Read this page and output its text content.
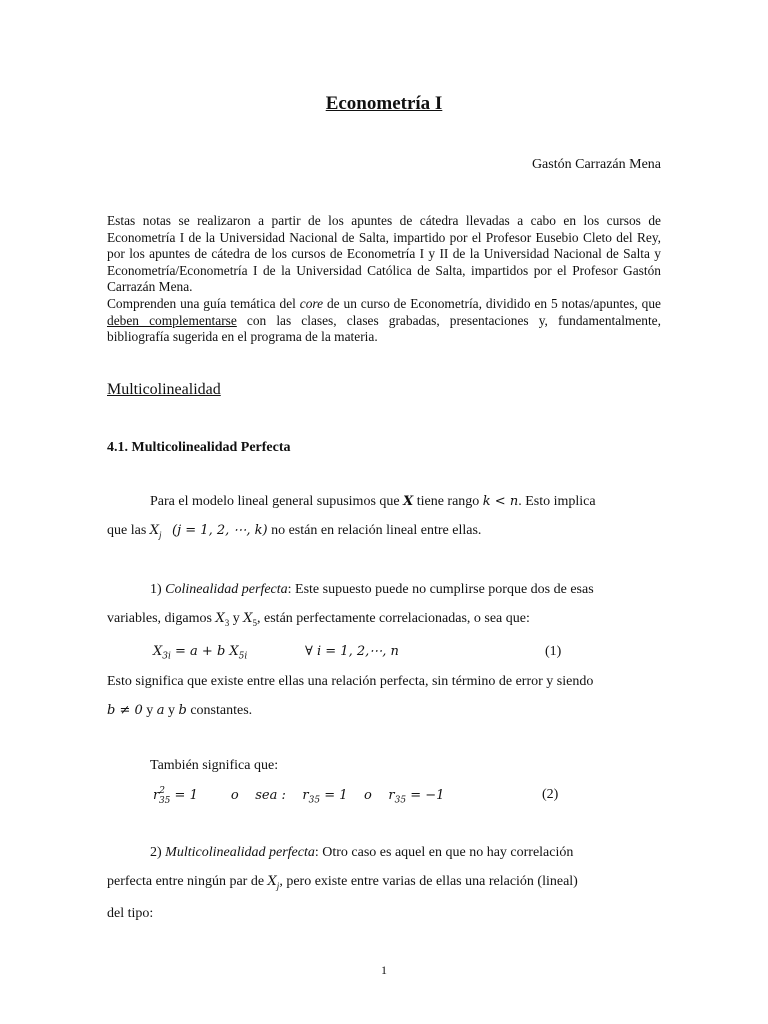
Econometría I
Gastón Carrazán Mena

Estas notas se realizaron a partir de los apuntes de cátedra llevadas a cabo en los cursos de Econometría I de la Universidad Nacional de Salta, impartido por el Profesor Eusebio Cleto del Rey, por los apuntes de cátedra de los cursos de Econometría I y II de la Universidad Nacional de Salta y Econometría/Econometría I de la Universidad Católica de Salta, impartidos por el Profesor Gastón Carrazán Mena.

Comprenden una guía temática del core de un curso de Econometría, dividido en 5 notas/apuntes, que deben complementarse con las clases, clases grabadas, presentaciones y, fundamentalmente, bibliografía sugerida en el programa de la materia.

Multicolinealidad
4.1. Multicolinealidad Perfecta
Para el modelo lineal general supusimos que X tiene rango k < n. Esto implica
que las $X_j$ (j = 1, 2, ⋯, k) no están en relación lineal entre ellas.
1) Colinealidad perfecta: Este supuesto puede no cumplirse porque dos de esas
variables, digamos $X_3$ y $X_5$, están perfectamente correlacionadas, o sea que:
$X_{3i} = a + b$ $X_{5i}$	∀ i = 1, 2,⋯, n	(1)
Esto significa que existe entre ellas una relación perfecta, sin término de error y siendo
b ≠ 0 y a y b constantes.
También significa que:
$r^2_{35} = 1$        o    sea :    $r_{35} = 1$    o    $r_{35} = -1$	(2)
2) Multicolinealidad perfecta: Otro caso es aquel en que no hay correlación
perfecta entre ningún par de $X_j$, pero existe entre varias de ellas una relación (lineal)
del tipo:
1
